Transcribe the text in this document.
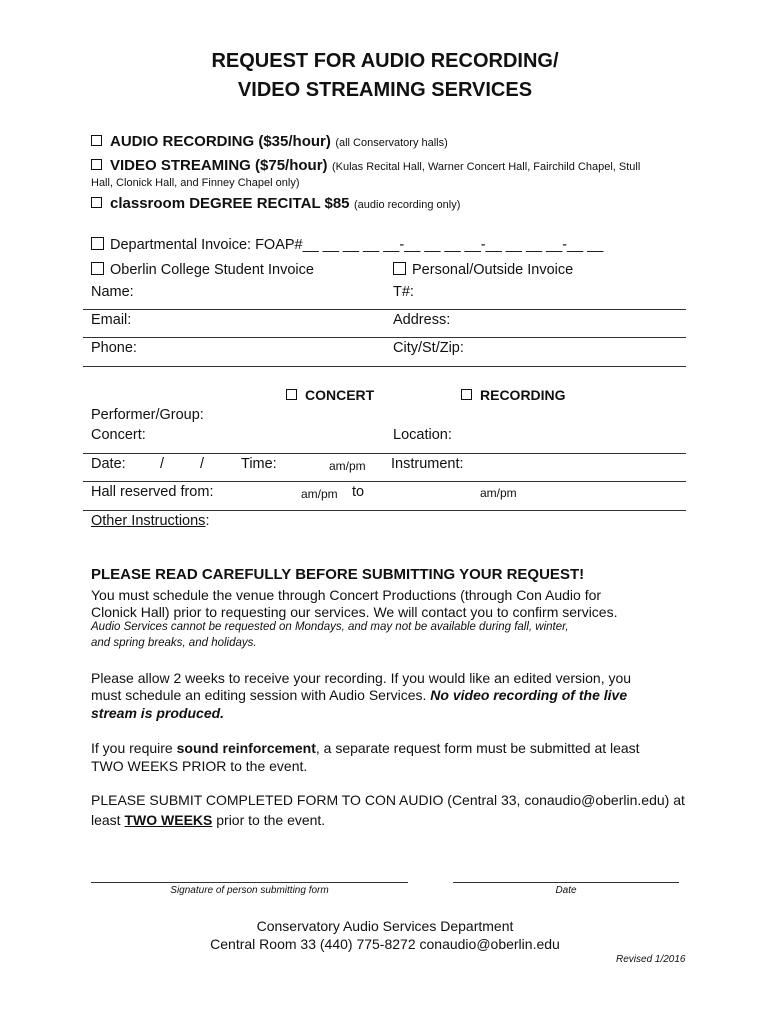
REQUEST FOR AUDIO RECORDING/
VIDEO STREAMING SERVICES
AUDIO RECORDING ($35/hour) (all Conservatory halls)
VIDEO STREAMING ($75/hour) (Kulas Recital Hall, Warner Concert Hall, Fairchild Chapel, Stull
Hall, Clonick Hall, and Finney Chapel only)
classroom DEGREE RECITAL $85 (audio recording only)
Departmental Invoice: FOAP#__ __ __ __ __-__ __ __ __-__ __ __ __-__ __
Oberlin College Student Invoice	Personal/Outside Invoice
Name:	T#:
Email:	Address:
Phone:	City/St/Zip:
CONCERT	RECORDING
Performer/Group:
Concert:	Location:
Date: / /	Time:	am/pm Instrument:
Hall reserved from:	am/pm to	am/pm
Other Instructions:
PLEASE READ CAREFULLY BEFORE SUBMITTING YOUR REQUEST!
You must schedule the venue through Concert Productions (through Con Audio for
Clonick Hall) prior to requesting our services. We will contact you to confirm services.
Audio Services cannot be requested on Mondays, and may not be available during fall, winter,
and spring breaks, and holidays.
Please allow 2 weeks to receive your recording. If you would like an edited version, you
must schedule an editing session with Audio Services. No video recording of the live
stream is produced.
If you require sound reinforcement, a separate request form must be submitted at least
TWO WEEKS PRIOR to the event.
PLEASE SUBMIT COMPLETED FORM TO CON AUDIO (Central 33, conaudio@oberlin.edu) at
least TWO WEEKS prior to the event.
Signature of person submitting form	Date
Conservatory Audio Services Department
Central Room 33 (440) 775-8272 conaudio@oberlin.edu
Revised 1/2016
